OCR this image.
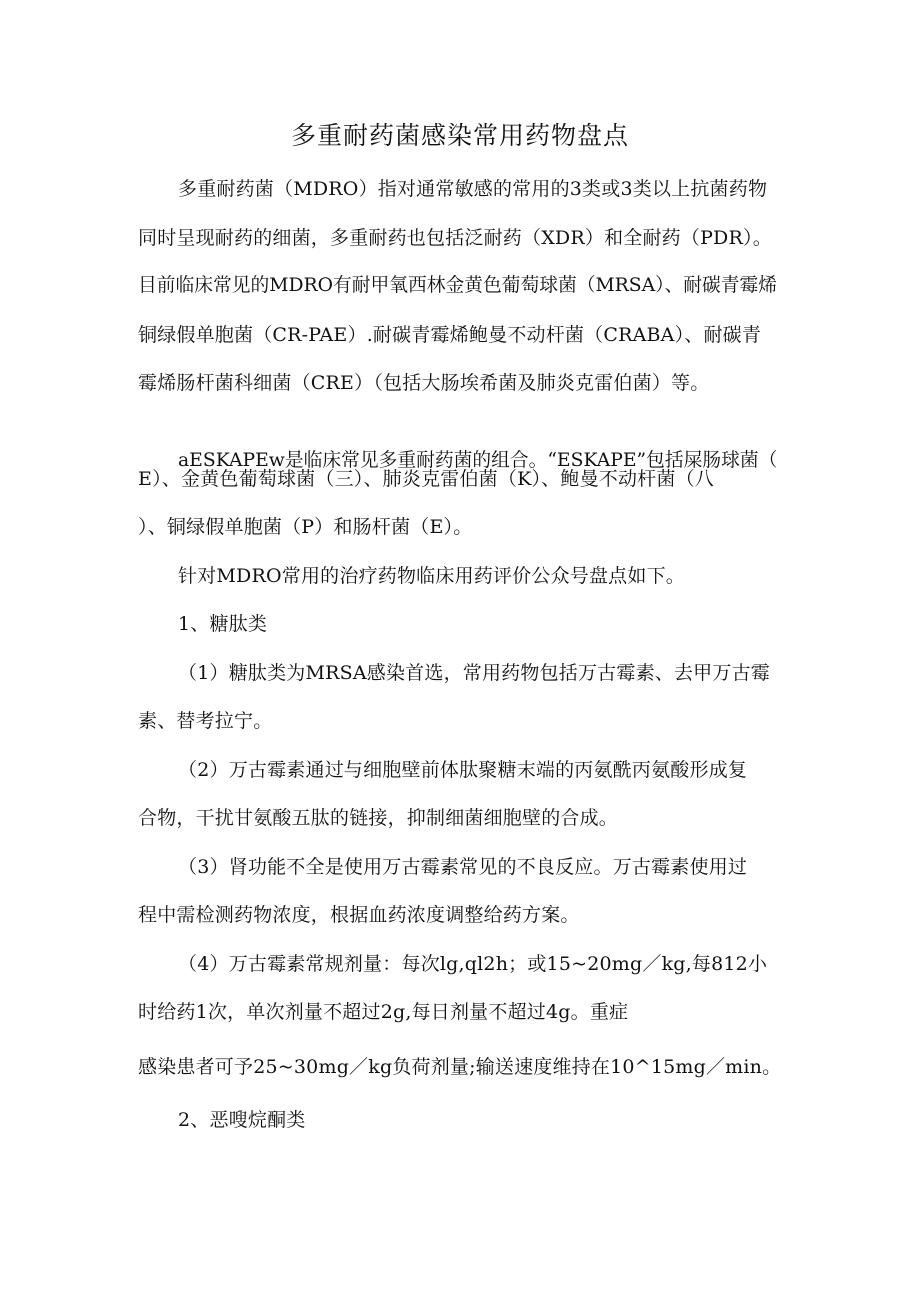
多重耐药菌感染常用药物盘点
多重耐药菌（MDRO）指对通常敏感的常用的3类或3类以上抗菌药物
同时呈现耐药的细菌，多重耐药也包括泛耐药（XDR）和全耐药（PDR）。
目前临床常见的MDRO有耐甲氧西林金黄色葡萄球菌（MRSA）、耐碳青霉烯
铜绿假单胞菌（CR-PAE）.耐碳青霉烯鲍曼不动杆菌（CRABA）、耐碳青
霉烯肠杆菌科细菌（CRE）（包括大肠埃希菌及肺炎克雷伯菌）等。
aESKAPEw是临床常见多重耐药菌的组合。“ESKAPE”包括屎肠球菌（
E）、金黄色葡萄球菌（三）、肺炎克雷伯菌（K）、鲍曼不动杆菌（八
）、铜绿假单胞菌（P）和肠杆菌（E）。
针对MDRO常用的治疗药物临床用药评价公众号盘点如下。
1、糖肽类
（1）糖肽类为MRSA感染首选，常用药物包括万古霉素、去甲万古霉
素、替考拉宁。
（2）万古霉素通过与细胞壁前体肽聚糖末端的丙氨酰丙氨酸形成复
合物，干扰甘氨酸五肽的链接，抑制细菌细胞壁的合成。
（3）肾功能不全是使用万古霉素常见的不良反应。万古霉素使用过
程中需检测药物浓度，根据血药浓度调整给药方案。
（4）万古霉素常规剂量：每次lg,ql2h；或15~20mg／kg,每812小
时给药1次，单次剂量不超过2g,每日剂量不超过4g。重症
感染患者可予25~30mg／kg负荷剂量;输送速度维持在10^15mg／min。
2、恶嗖烷酮类
